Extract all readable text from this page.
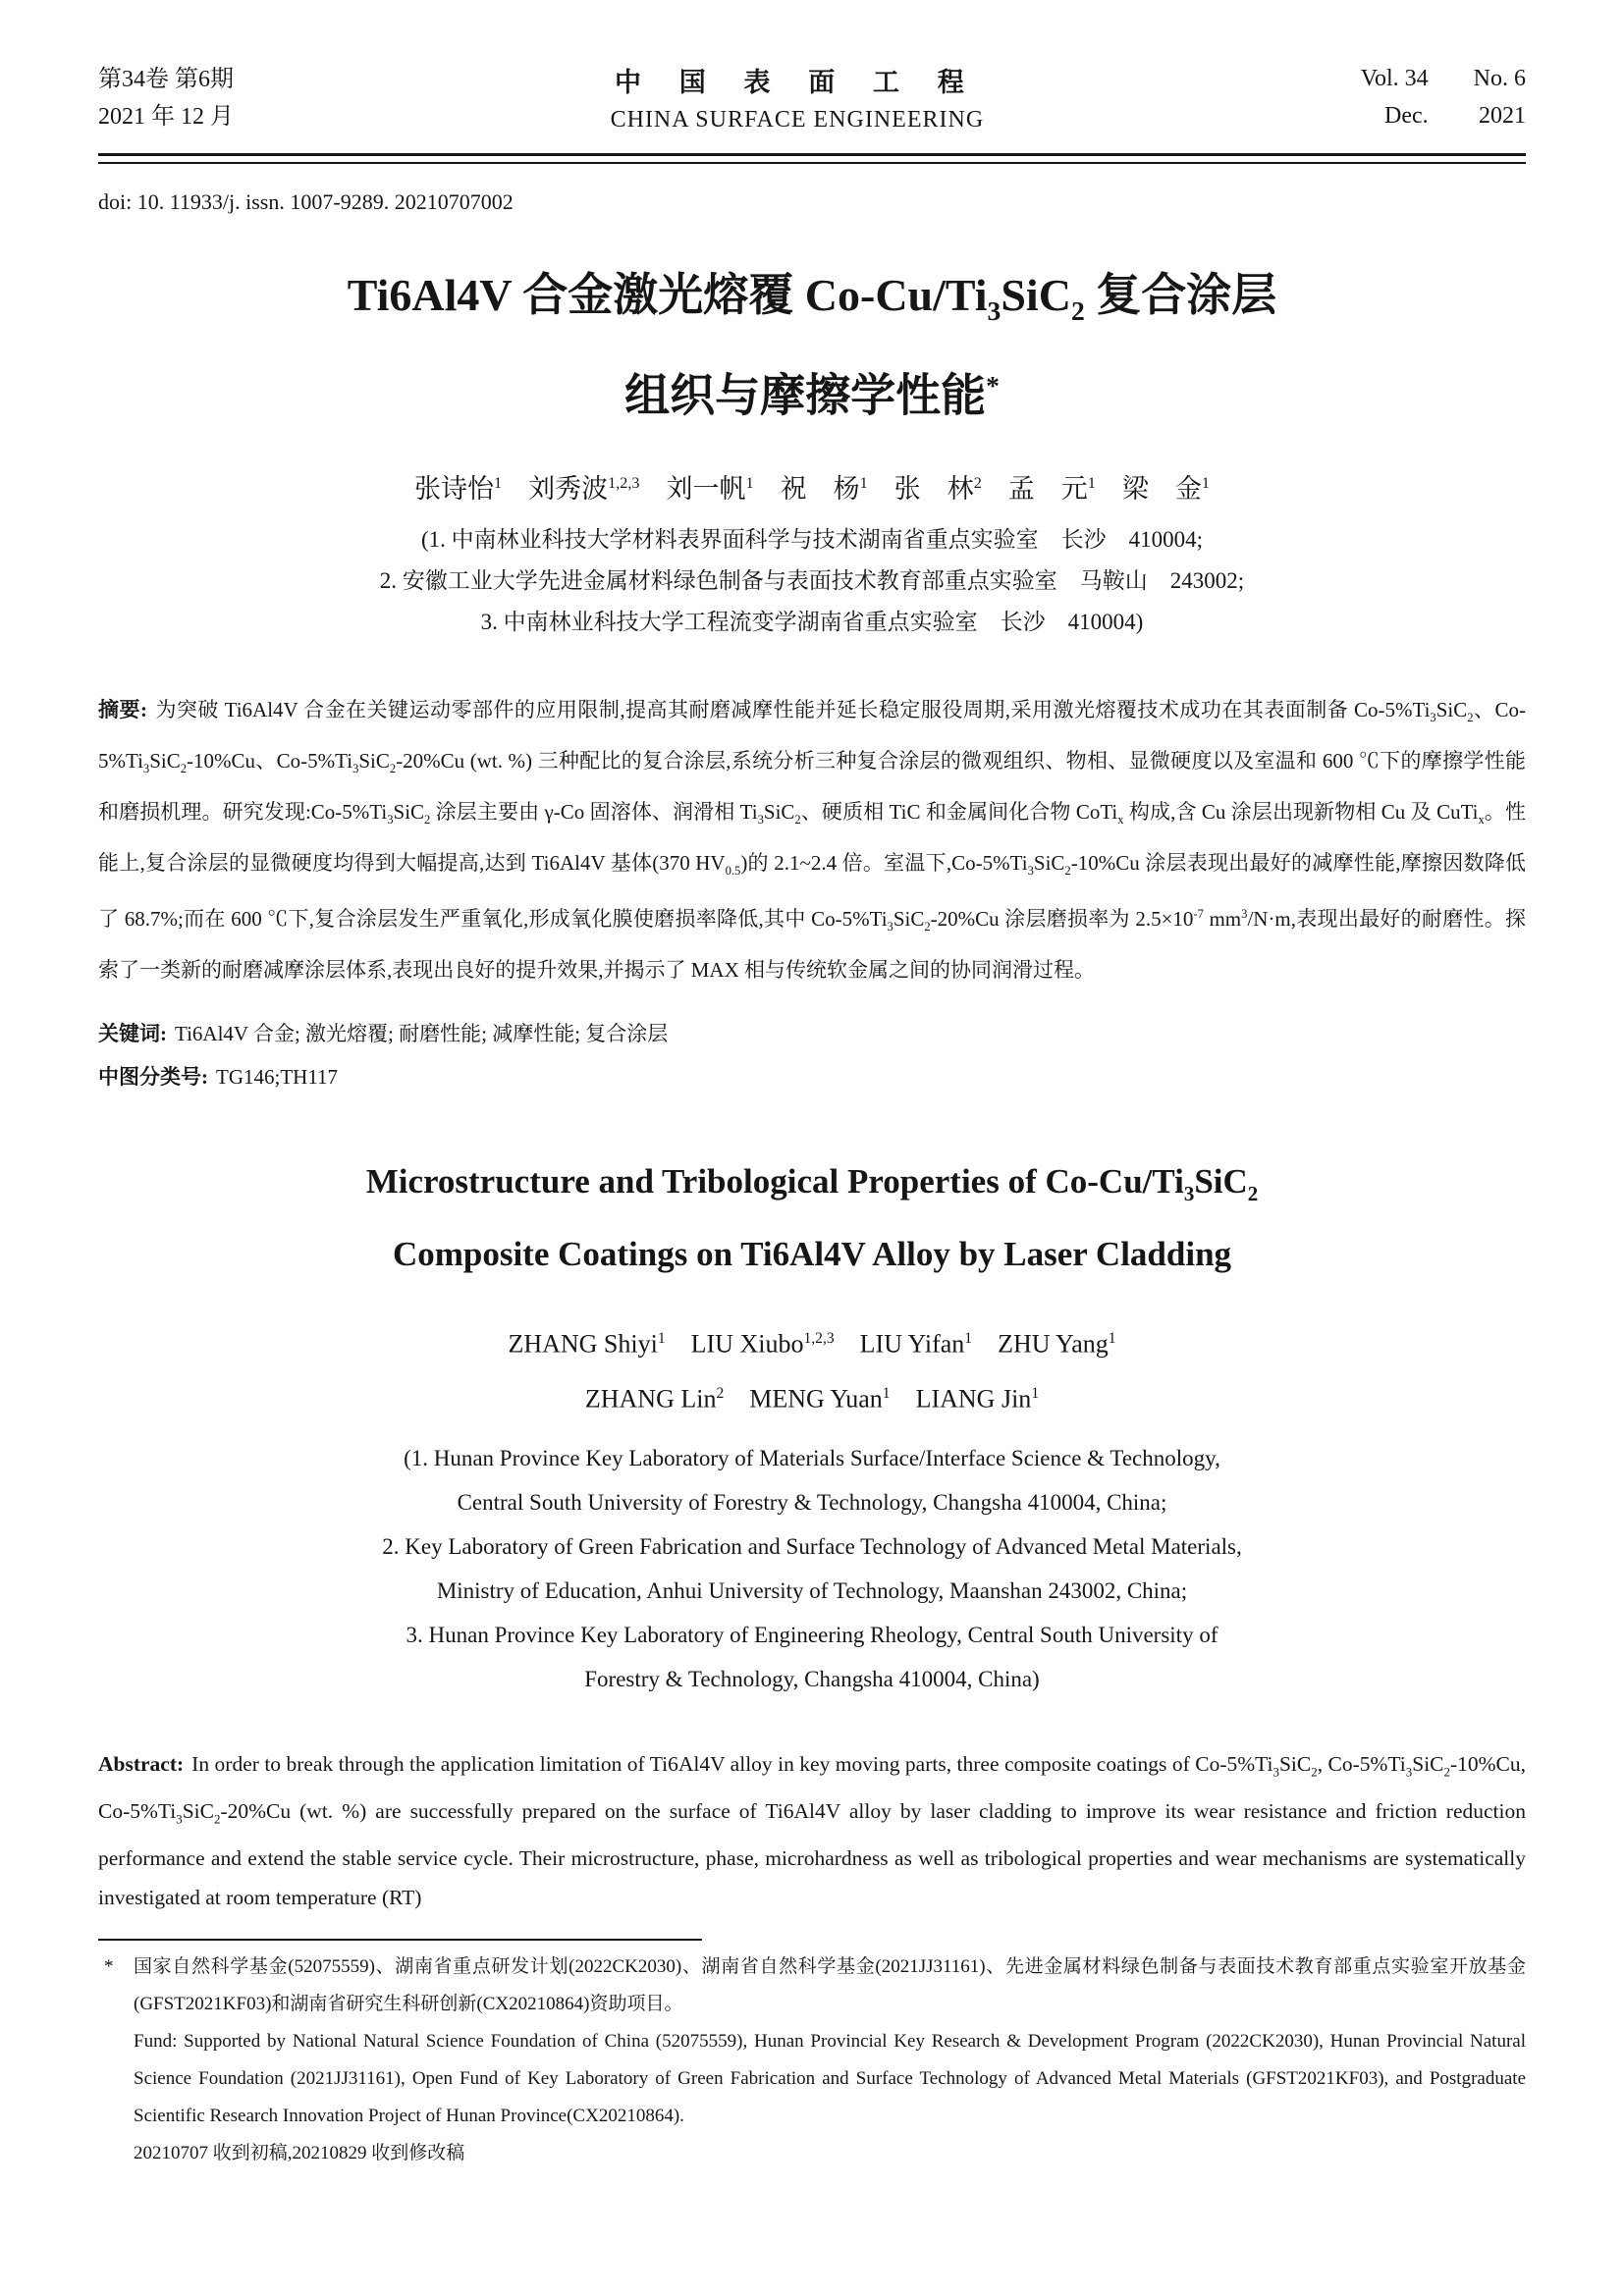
第34卷 第6期
2021 年 12 月
中 国 表 面 工 程
CHINA SURFACE ENGINEERING
Vol. 34 No. 6
Dec. 2021
doi: 10. 11933/j. issn. 1007-9289. 20210707002
Ti6Al4V 合金激光熔覆 $Co-Cu/Ti_3SiC_2$ 复合涂层
组织与摩擦学性能*
张诗怡$^1$　刘秀波$^{1,2,3}$　刘一帆$^1$　祝　杨$^1$　张　林$^2$　孟　元$^1$　梁　金$^1$
(1. 中南林业科技大学材料表界面科学与技术湖南省重点实验室　长沙　410004;
2. 安徽工业大学先进金属材料绿色制备与表面技术教育部重点实验室　马鞍山　243002;
3. 中南林业科技大学工程流变学湖南省重点实验室　长沙　410004)

摘要: 为突破 Ti6Al4V 合金在关键运动零部件的应用限制,提高其耐磨减摩性能并延长稳定服役周期,采用激光熔覆技术成功在其表面制备 $Co-5\%Ti_3SiC_2$、$Co-5\%Ti_3SiC_2-10\%Cu$、$Co-5\%Ti_3SiC_2-20\%Cu$ (wt. %) 三种配比的复合涂层,系统分析三种复合涂层的微观组织、物相、显微硬度以及室温和 600 ℃下的摩擦学性能和磨损机理。研究发现$:Co-5\%Ti_3SiC_2$ 涂层主要由 γ-Co 固溶体、润滑相 $Ti_3SiC_2$、硬质相 TiC 和金属间化合物 CoTi$_x$ 构成,含 Cu 涂层出现新物相 Cu 及 CuTi$_x$。性能上,复合涂层的显微硬度均得到大幅提高,达到 Ti6Al4V 基体(370 $HV_{0.5}$)的 2.1~2.4 倍。室温下$,Co-5\%Ti_3SiC_2-10\%Cu$ 涂层表现出最好的减摩性能,摩擦因数降低了 68.7%;而在 600 ℃下,复合涂层发生严重氧化,形成氧化膜使磨损率降低,其中 $Co-5\%Ti_3SiC_2-20\%Cu$ 涂层磨损率为 $2.5\times 10^{-7}$ $mm^3/N\cdot m$,表现出最好的耐磨性。探索了一类新的耐磨减摩涂层体系,表现出良好的提升效果,并揭示了 MAX 相与传统软金属之间的协同润滑过程。

关键词: Ti6Al4V 合金; 激光熔覆; 耐磨性能; 减摩性能; 复合涂层
中图分类号: TG146;TH117
Microstructure and Tribological Properties of $Co-Cu/Ti_3SiC_2$
Composite Coatings on Ti6Al4V Alloy by Laser Cladding
ZHANG Shiyi$^1$　LIU Xiubo$^{1,2,3}$　LIU Yifan$^1$　ZHU Yang$^1$
ZHANG Lin$^2$　MENG Yuan$^1$　LIANG Jin$^1$
(1. Hunan Province Key Laboratory of Materials Surface/Interface Science & Technology,
Central South University of Forestry & Technology, Changsha 410004, China;
2. Key Laboratory of Green Fabrication and Surface Technology of Advanced Metal Materials,
Ministry of Education, Anhui University of Technology, Maanshan 243002, China;
3. Hunan Province Key Laboratory of Engineering Rheology, Central South University of
Forestry & Technology, Changsha 410004, China)

Abstract: In order to break through the application limitation of Ti6Al4V alloy in key moving parts, three composite coatings of $Co-5\%Ti_3SiC_2$, $Co-5\%Ti_3SiC_2-10\%Cu$, $Co-5\%Ti_3SiC_2-20\%Cu$ (wt. %) are successfully prepared on the surface of Ti6Al4V alloy by laser cladding to improve its wear resistance and friction reduction performance and extend the stable service cycle. Their microstructure, phase, microhardness as well as tribological properties and wear mechanisms are systematically investigated at room temperature (RT)

* 国家自然科学基金(52075559)、湖南省重点研发计划(2022CK2030)、湖南省自然科学基金(2021JJ31161)、先进金属材料绿色制备与表面技术教育部重点实验室开放基金(GFST2021KF03)和湖南省研究生科研创新(CX20210864)资助项目。

Fund: Supported by National Natural Science Foundation of China (52075559), Hunan Provincial Key Research & Development Program (2022CK2030), Hunan Provincial Natural Science Foundation (2021JJ31161), Open Fund of Key Laboratory of Green Fabrication and Surface Technology of Advanced Metal Materials (GFST2021KF03), and Postgraduate Scientific Research Innovation Project of Hunan Province(CX20210864).

20210707 收到初稿,20210829 收到修改稿
